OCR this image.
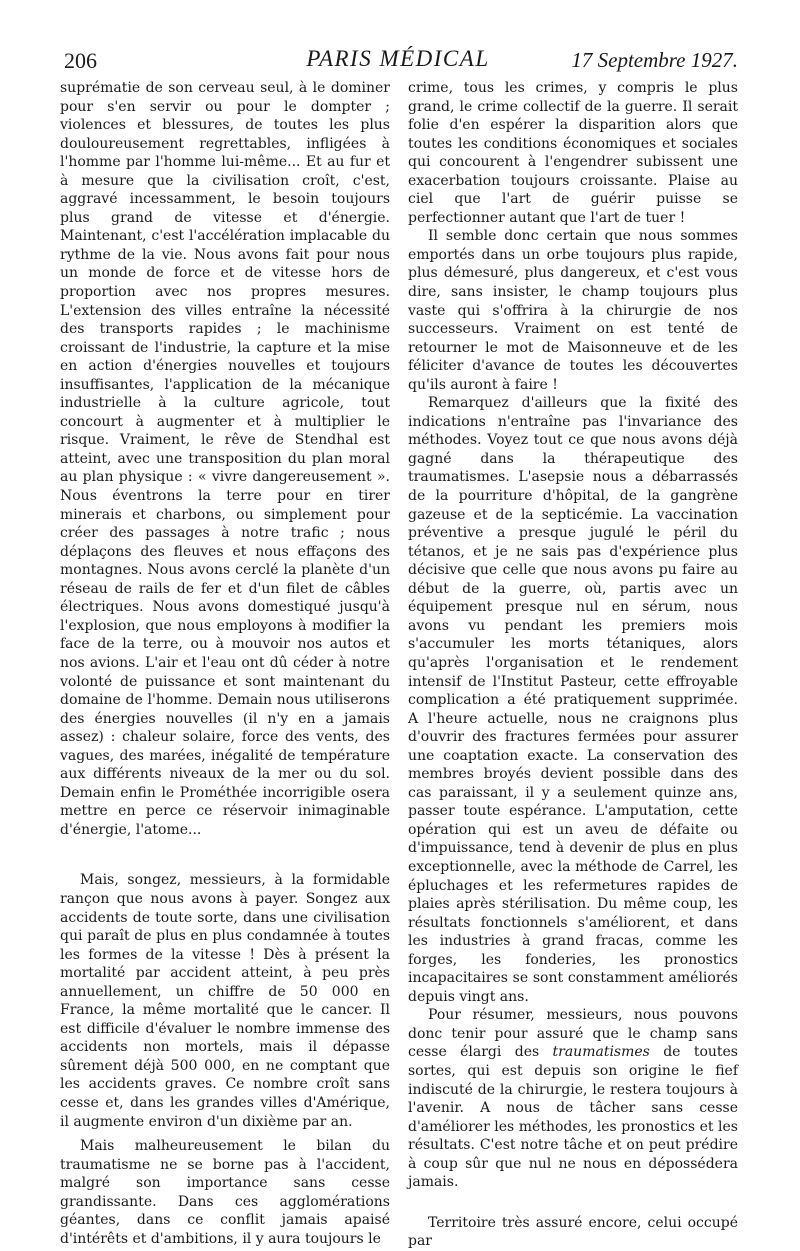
206	PARIS MÉDICAL	17 Septembre 1927.

suprématie de son cerveau seul, à le dominer pour s'en servir ou pour le dompter ; violences et blessures, de toutes les plus douloureusement regrettables, infligées à l'homme par l'homme lui-même... Et au fur et à mesure que la civilisation croît, c'est, aggravé incessamment, le besoin toujours plus grand de vitesse et d'énergie. Maintenant, c'est l'accélération implacable du rythme de la vie. Nous avons fait pour nous un monde de force et de vitesse hors de proportion avec nos propres mesures. L'extension des villes entraîne la nécessité des transports rapides ; le machinisme croissant de l'industrie, la capture et la mise en action d'énergies nouvelles et toujours insuffisantes, l'application de la mécanique industrielle à la culture agricole, tout concourt à augmenter et à multiplier le risque. Vraiment, le rêve de Stendhal est atteint, avec une transposition du plan moral au plan physique : « vivre dangereusement ». Nous éventrons la terre pour en tirer minerais et charbons, ou simplement pour créer des passages à notre trafic ; nous déplaçons des fleuves et nous effaçons des montagnes. Nous avons cerclé la planète d'un réseau de rails de fer et d'un filet de câbles électriques. Nous avons domestiqué jusqu'à l'explosion, que nous employons à modifier la face de la terre, ou à mouvoir nos autos et nos avions. L'air et l'eau ont dû céder à notre volonté de puissance et sont maintenant du domaine de l'homme. Demain nous utiliserons des énergies nouvelles (il n'y en a jamais assez) : chaleur solaire, force des vents, des vagues, des marées, inégalité de température aux différents niveaux de la mer ou du sol. Demain enfin le Prométhée incorrigible osera mettre en perce ce réservoir inimaginable d'énergie, l'atome...

Mais, songez, messieurs, à la formidable rançon que nous avons à payer. Songez aux accidents de toute sorte, dans une civilisation qui paraît de plus en plus condamnée à toutes les formes de la vitesse ! Dès à présent la mortalité par accident atteint, à peu près annuellement, un chiffre de 50 000 en France, la même mortalité que le cancer. Il est difficile d'évaluer le nombre immense des accidents non mortels, mais il dépasse sûrement déjà 500 000, en ne comptant que les accidents graves. Ce nombre croît sans cesse et, dans les grandes villes d'Amérique, il augmente environ d'un dixième par an.

Mais malheureusement le bilan du traumatisme ne se borne pas à l'accident, malgré son importance sans cesse grandissante. Dans ces agglomérations géantes, dans ce conflit jamais apaisé d'intérêts et d'ambitions, il y aura toujours le

crime, tous les crimes, y compris le plus grand, le crime collectif de la guerre. Il serait folie d'en espérer la disparition alors que toutes les conditions économiques et sociales qui concourent à l'engendrer subissent une exacerbation toujours croissante. Plaise au ciel que l'art de guérir puisse se perfectionner autant que l'art de tuer !

Il semble donc certain que nous sommes emportés dans un orbe toujours plus rapide, plus démesuré, plus dangereux, et c'est vous dire, sans insister, le champ toujours plus vaste qui s'offrira à la chirurgie de nos successeurs. Vraiment on est tenté de retourner le mot de Maisonneuve et de les féliciter d'avance de toutes les découvertes qu'ils auront à faire !

Remarquez d'ailleurs que la fixité des indications n'entraîne pas l'invariance des méthodes. Voyez tout ce que nous avons déjà gagné dans la thérapeutique des traumatismes. L'asepsie nous a débarrassés de la pourriture d'hôpital, de la gangrène gazeuse et de la septicémie. La vaccination préventive a presque jugulé le péril du tétanos, et je ne sais pas d'expérience plus décisive que celle que nous avons pu faire au début de la guerre, où, partis avec un équipement presque nul en sérum, nous avons vu pendant les premiers mois s'accumuler les morts tétaniques, alors qu'après l'organisation et le rendement intensif de l'Institut Pasteur, cette effroyable complication a été pratiquement supprimée. A l'heure actuelle, nous ne craignons plus d'ouvrir des fractures fermées pour assurer une coaptation exacte. La conservation des membres broyés devient possible dans des cas paraissant, il y a seulement quinze ans, passer toute espérance. L'amputation, cette opération qui est un aveu de défaite ou d'impuissance, tend à devenir de plus en plus exceptionnelle, avec la méthode de Carrel, les épluchages et les refermetures rapides de plaies après stérilisation. Du même coup, les résultats fonctionnels s'améliorent, et dans les industries à grand fracas, comme les forges, les fonderies, les pronostics incapacitaires se sont constamment améliorés depuis vingt ans.

Pour résumer, messieurs, nous pouvons donc tenir pour assuré que le champ sans cesse élargi des traumatismes de toutes sortes, qui est depuis son origine le fief indiscuté de la chirurgie, le restera toujours à l'avenir. A nous de tâcher sans cesse d'améliorer les méthodes, les pronostics et les résultats. C'est notre tâche et on peut prédire à coup sûr que nul ne nous en dépossédera jamais.

Territoire très assuré encore, celui occupé par
